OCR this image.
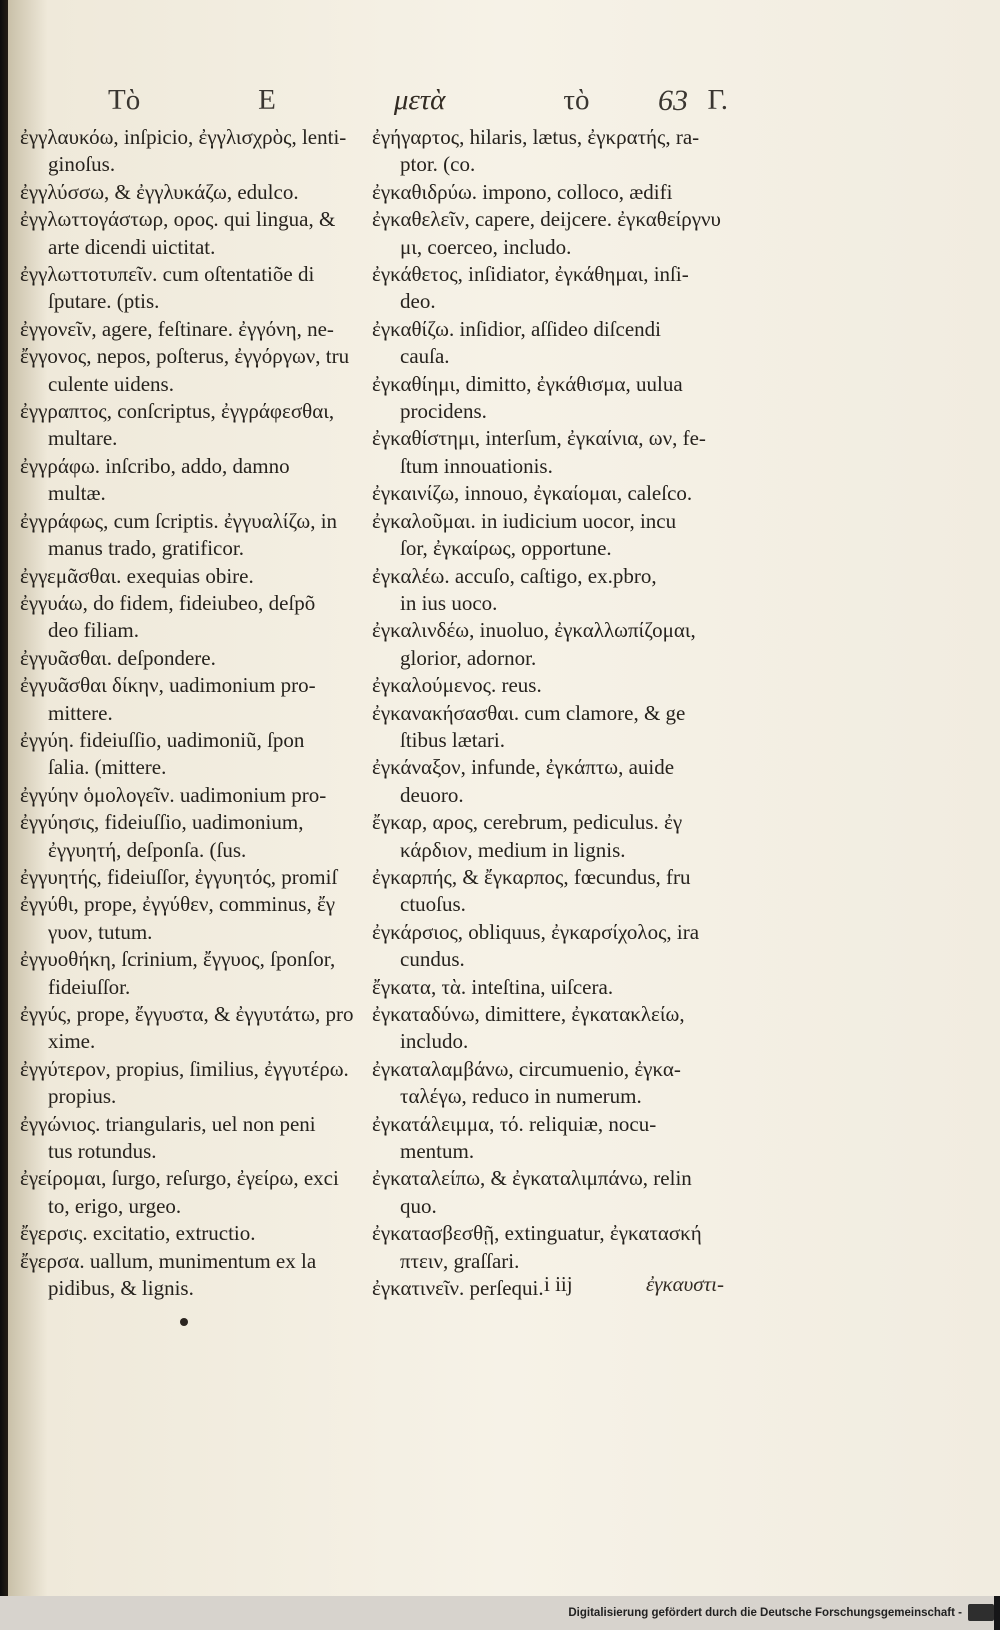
Τὸ	Ε	μετὰ	τὸ	Γ.
63
ἐγγλαυκόω, inſpicio, ἐγγλισχρὸς, lenti-
ginoſus.
ἐγγλύσσω, & ἐγγλυκάζω, edulco.
ἐγγλωττογάστωρ, ορος. qui lingua, &
arte dicendi uictitat.
ἐγγλωττοτυπεῖν. cum oſtentatiõe di
ſputare. (ptis.
ἐγγονεῖν, agere, feſtinare. ἐγγόνη, ne-
ἔγγονος, nepos, poſterus, ἐγγόργων, tru
culente uidens.
ἐγγραπτος, conſcriptus, ἐγγράφεσθαι,
multare.
ἐγγράφω. inſcribo, addo, damno
multæ.
ἐγγράφως, cum ſcriptis. ἐγγυαλίζω, in
manus trado, gratificor.
ἐγγεμᾶσθαι. exequias obire.
ἐγγυάω, do fidem, fideiubeo, deſpõ
deo filiam.
ἐγγυᾶσθαι. deſpondere.
ἐγγυᾶσθαι δίκην, uadimonium pro-
mittere.
ἐγγύη. fideiuſſio, uadimoniũ, ſpon
ſalia. (mittere.
ἐγγύην ὁμολογεῖν. uadimonium pro-
ἐγγύησις, fideiuſſio, uadimonium,
ἐγγυητή, deſponſa. (ſus.
ἐγγυητής, fideiuſſor, ἐγγυητός, promiſ
ἐγγύθι, prope, ἐγγύθεν, comminus, ἔγ
γυον, tutum.
ἐγγυοθήκη, ſcrinium, ἔγγυος, ſponſor,
fideiuſſor.
ἐγγύς, prope, ἔγγυστα, & ἐγγυτάτω, pro
xime.
ἐγγύτερον, propius, ſimilius, ἐγγυτέρω.
propius.
ἐγγώνιος. triangularis, uel non peni
tus rotundus.
ἐγείρομαι, ſurgo, reſurgo, ἐγείρω, exci
to, erigo, urgeo.
ἔγερσις. excitatio, extructio.
ἔγερσα. uallum, munimentum ex la
pidibus, & lignis.
ἐγήγαρτος, hilaris, lætus, ἐγκρατής, ra-
ptor. (co.
ἐγκαθιδρύω. impono, colloco, ædifi
ἐγκαθελεῖν, capere, deijcere. ἐγκαθείργνυ
μι, coerceo, includo.
ἐγκάθετος, inſidiator, ἐγκάθημαι, inſi-
deo.
ἐγκαθίζω. inſidior, aſſideo diſcendi
cauſa.
ἐγκαθίημι, dimitto, ἐγκάθισμα, uulua
procidens.
ἐγκαθίστημι, interſum, ἐγκαίνια, ων, fe-
ſtum innouationis.
ἐγκαινίζω, innouo, ἐγκαίομαι, caleſco.
ἐγκαλοῦμαι. in iudicium uocor, incu
ſor, ἐγκαίρως, opportune.
ἐγκαλέω. accuſo, caſtigo, ex.pbro,
in ius uoco.
ἐγκαλινδέω, inuoluo, ἐγκαλλωπίζομαι,
glorior, adornor.
ἐγκαλούμενος. reus.
ἐγκανακήσασθαι. cum clamore, & ge
ſtibus lætari.
ἐγκάναξον, infunde, ἐγκάπτω, auide
deuoro.
ἔγκαρ, αρος, cerebrum, pediculus. ἐγ
κάρδιον, medium in lignis.
ἐγκαρπής, & ἔγκαρπος, fœcundus, fru
ctuoſus.
ἐγκάρσιος, obliquus, ἐγκαρσίχολος, ira
cundus.
ἔγκατα, τὰ. inteſtina, uiſcera.
ἐγκαταδύνω, dimittere, ἐγκατακλείω,
includo.
ἐγκαταλαμβάνω, circumuenio, ἐγκα-
ταλέγω, reduco in numerum.
ἐγκατάλειμμα, τό. reliquiæ, nocu-
mentum.
ἐγκαταλείπω, & ἐγκαταλιμπάνω, relin
quo.
ἐγκατασβεσθῇ, extinguatur, ἐγκατασκή
πτειν, graſſari.
ἐγκατινεῖν. perſequi. i iij	ἐγκαυστι-
Digitalisierung gefördert durch die Deutsche Forschungsgemeinschaft -
